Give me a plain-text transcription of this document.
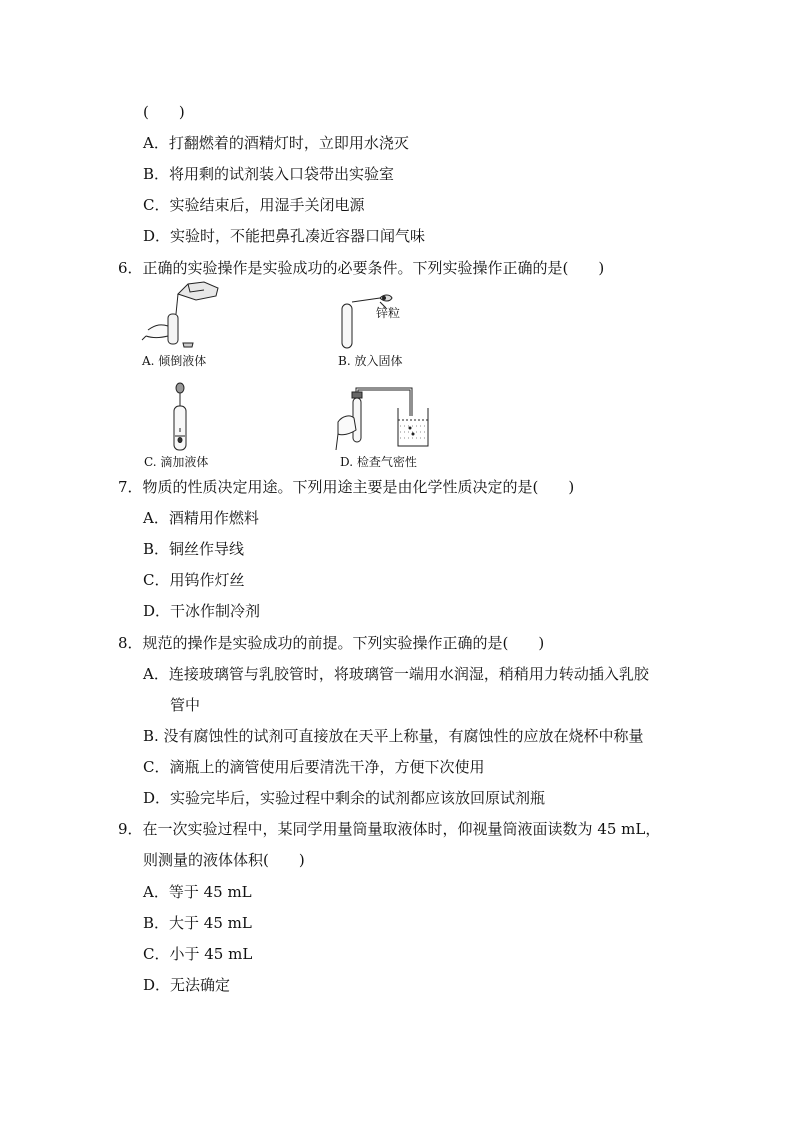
(　　)
A．打翻燃着的酒精灯时，立即用水浇灭
B．将用剩的试剂装入口袋带出实验室
C．实验结束后，用湿手关闭电源
D．实验时，不能把鼻孔凑近容器口闻气味
6．正确的实验操作是实验成功的必要条件。下列实验操作正确的是(　　)
A. 倾倒液体
锌粒
B. 放入固体
C. 滴加液体	D. 检查气密性
7．物质的性质决定用途。下列用途主要是由化学性质决定的是(　　)
A．酒精用作燃料
B．铜丝作导线
C．用钨作灯丝
D．干冰作制冷剂
8．规范的操作是实验成功的前提。下列实验操作正确的是(　　)
A．连接玻璃管与乳胶管时，将玻璃管一端用水润湿，稍稍用力转动插入乳胶
管中
B. 没有腐蚀性的试剂可直接放在天平上称量，有腐蚀性的应放在烧杯中称量
C．滴瓶上的滴管使用后要清洗干净，方便下次使用
D．实验完毕后，实验过程中剩余的试剂都应该放回原试剂瓶
9．在一次实验过程中，某同学用量筒量取液体时，仰视量筒液面读数为 45 mL，
则测量的液体体积(　　)
A．等于 45 mL
B．大于 45 mL
C．小于 45 mL
D．无法确定
